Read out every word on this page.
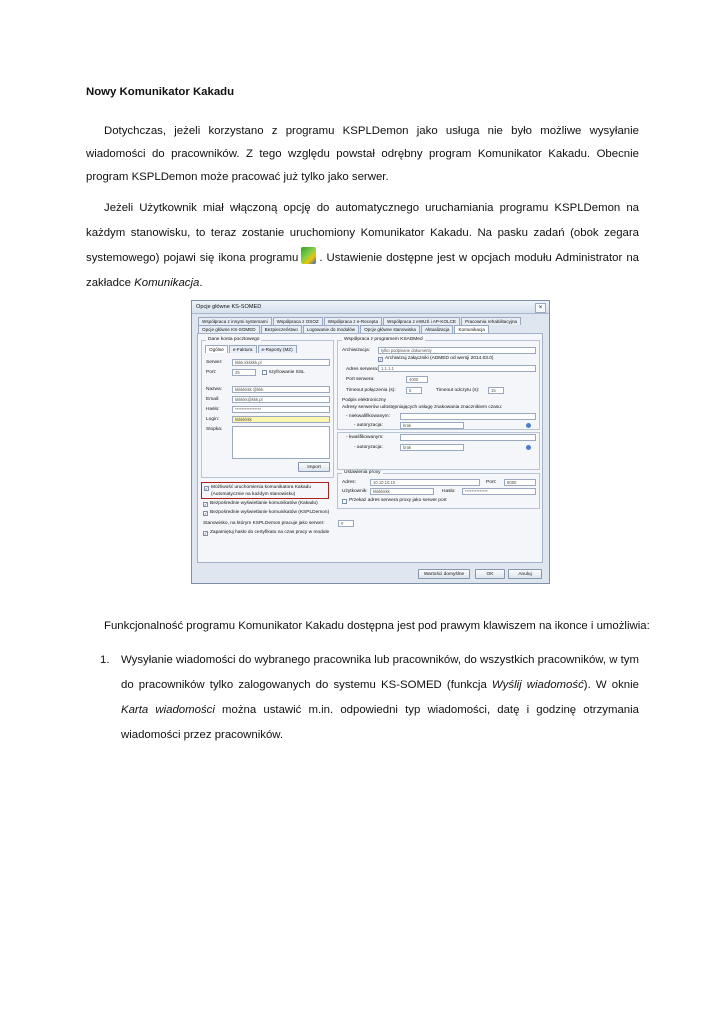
Nowy Komunikator Kakadu
Dotychczas, jeżeli korzystano z programu KSPLDemon jako usługa nie było możliwe wysyłanie wiadomości do pracowników. Z tego względu powstał odrębny program Komunikator Kakadu. Obecnie program KSPLDemon może pracować już tylko jako serwer.
Jeżeli Użytkownik miał włączoną opcję do automatycznego uruchamiania programu KSPLDemon na każdym stanowisku, to teraz zostanie uruchomiony Komunikator Kakadu. Na pasku zadań (obok zegara systemowego) pojawi się ikona programu . Ustawienie dostępne jest w opcjach modułu Administrator na zakładce Komunikacja.
Opcje główne KS-SOMED	×
Współpraca z innymi systemami	Współpraca z OSOZ	Współpraca z e-Recepta	Współpraca z eWUŚ i AP-KOLCE	Pracownia rehabilitacyjna
Opcje główne KS-SOMED	Bezpieczeństwo	Logowanie do modułów	Opcje główne stanowiska	Aktualizacja	Komunikacja
Dane konta pocztowego
Ogólne	e-Faktura	e-Raporty (MZ)
Serwer:	kkkk.kkkkkk.pl
Port:	25	szyfrowanie SSL
Nazwa:	kkkkkkkk @kkk
Email:	kkkkkk@kkk.pl
Hasło:	****************
Login:	kkkkkkkk
Stopka:
Import
✓ Możliwość uruchomienia komunikatora Kakadu
(Automatycznie na każdym stanowisku)
✓ Bezpośrednie wyświetlanie komunikatów (Kakadu)
✓ Bezpośrednie wyświetlanie komunikatów (KSPLDemon)
Stanowisko, na którym KSPLDemon pracuje jako serwer:	0
✓ Zapamiętuj hasło do certyfikatu na czas pracy w module
Współpraca z programem KSADMed
Archiwizacja:	tylko podpisane dokumenty
✓ Archiwizuj załączniki (ADMED od wersji 2014.03.0)
Adres serwera: 1.1.1.1
Port serwera:	4000
Timeout połączenia (s):	5	Timeout odczytu (s):	15
Podpis elektroniczny
Adresy serwerów udostępniających usługę znakowania znacznikiem czasu:
- niekwalifikowanym:
- autoryzacja:	brak
- kwalifikowanym:
- autoryzacja:	brak
Ustawienia proxy
Adres:	10.10.10.10	Port:	8080
Użytkownik:	kkkkkkkk	Hasło:	**************
Przekaż adres serwera proxy jako serwer port
Wartości domyślne	OK	Anuluj
Funkcjonalność programu Komunikator Kakadu dostępna jest pod prawym klawiszem na ikonce i umożliwia:
1. Wysyłanie wiadomości do wybranego pracownika lub pracowników, do wszystkich pracowników, w tym do pracowników tylko zalogowanych do systemu KS-SOMED (funkcja Wyślij wiadomość). W oknie Karta wiadomości można ustawić m.in. odpowiedni typ wiadomości, datę i godzinę otrzymania wiadomości przez pracowników.
